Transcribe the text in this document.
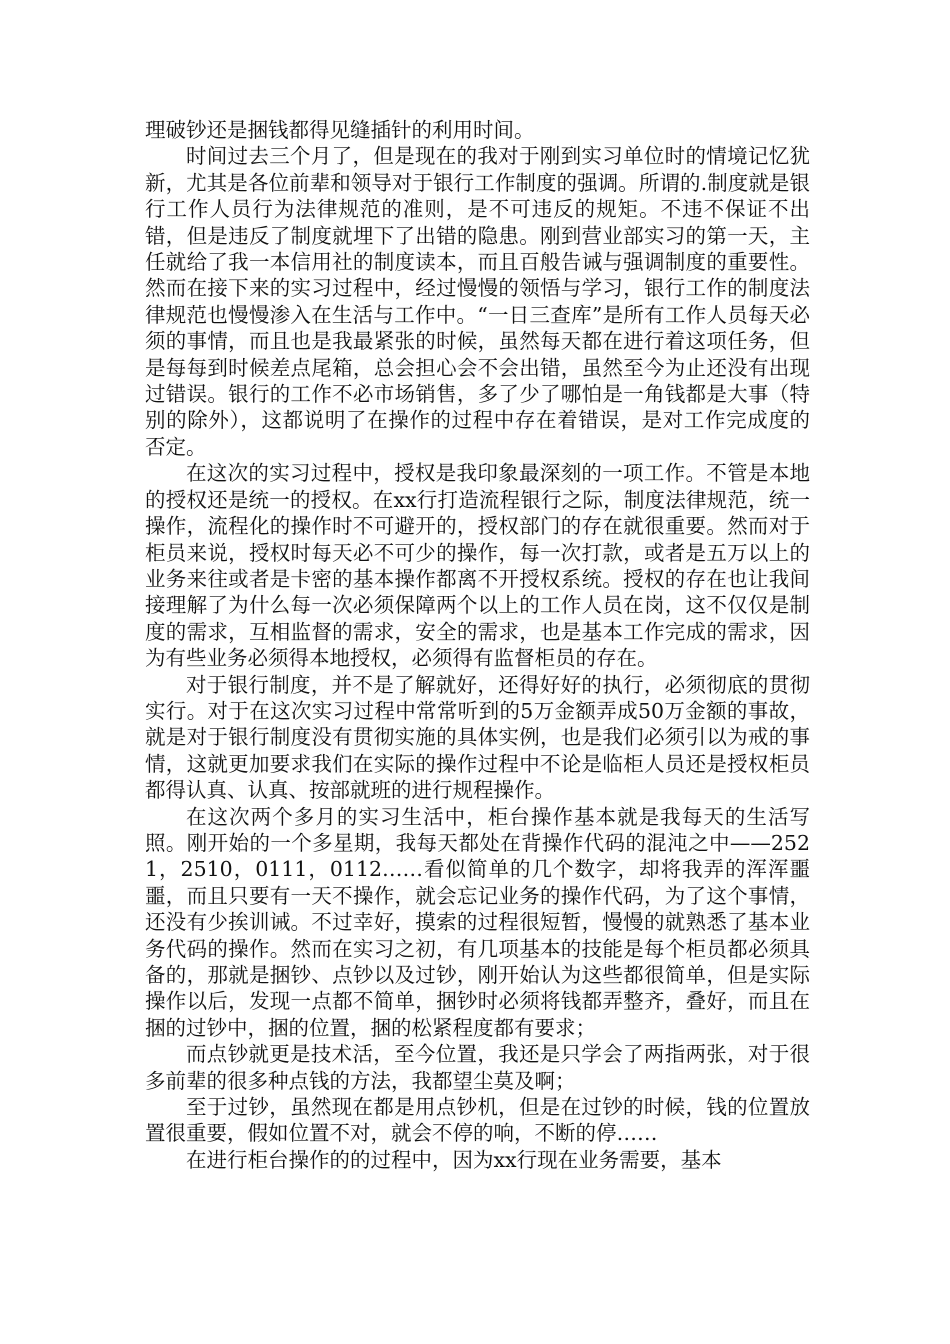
理破钞还是捆钱都得见缝插针的利用时间。

时间过去三个月了，但是现在的我对于刚到实习单位时的情境记忆犹新，尤其是各位前辈和领导对于银行工作制度的强调。所谓的.制度就是银行工作人员行为法律规范的准则，是不可违反的规矩。不违不保证不出错，但是违反了制度就埋下了出错的隐患。刚到营业部实习的第一天，主任就给了我一本信用社的制度读本，而且百般告诫与强调制度的重要性。然而在接下来的实习过程中，经过慢慢的领悟与学习，银行工作的制度法律规范也慢慢渗入在生活与工作中。“一日三查库”是所有工作人员每天必须的事情，而且也是我最紧张的时候，虽然每天都在进行着这项任务，但是每每到时候差点尾箱，总会担心会不会出错，虽然至今为止还没有出现过错误。银行的工作不必市场销售，多了少了哪怕是一角钱都是大事（特别的除外），这都说明了在操作的过程中存在着错误，是对工作完成度的否定。

在这次的实习过程中，授权是我印象最深刻的一项工作。不管是本地的授权还是统一的授权。在xx行打造流程银行之际，制度法律规范，统一操作，流程化的操作时不可避开的，授权部门的存在就很重要。然而对于柜员来说，授权时每天必不可少的操作，每一次打款，或者是五万以上的业务来往或者是卡密的基本操作都离不开授权系统。授权的存在也让我间接理解了为什么每一次必须保障两个以上的工作人员在岗，这不仅仅是制度的需求，互相监督的需求，安全的需求，也是基本工作完成的需求，因为有些业务必须得本地授权，必须得有监督柜员的存在。

对于银行制度，并不是了解就好，还得好好的执行，必须彻底的贯彻实行。对于在这次实习过程中常常听到的5万金额弄成50万金额的事故，就是对于银行制度没有贯彻实施的具体实例，也是我们必须引以为戒的事情，这就更加要求我们在实际的操作过程中不论是临柜人员还是授权柜员都得认真、认真、按部就班的进行规程操作。

在这次两个多月的实习生活中，柜台操作基本就是我每天的生活写照。刚开始的一个多星期，我每天都处在背操作代码的混沌之中——2521，2510，0111，0112……看似简单的几个数字，却将我弄的浑浑噩噩，而且只要有一天不操作，就会忘记业务的操作代码，为了这个事情，还没有少挨训诫。不过幸好，摸索的过程很短暂，慢慢的就熟悉了基本业务代码的操作。然而在实习之初，有几项基本的技能是每个柜员都必须具备的，那就是捆钞、点钞以及过钞，刚开始认为这些都很简单，但是实际操作以后，发现一点都不简单，捆钞时必须将钱都弄整齐，叠好，而且在捆的过钞中，捆的位置，捆的松紧程度都有要求；

而点钞就更是技术活，至今位置，我还是只学会了两指两张，对于很多前辈的很多种点钱的方法，我都望尘莫及啊；

至于过钞，虽然现在都是用点钞机，但是在过钞的时候，钱的位置放置很重要，假如位置不对，就会不停的响，不断的停……

在进行柜台操作的的过程中，因为xx行现在业务需要，基本
